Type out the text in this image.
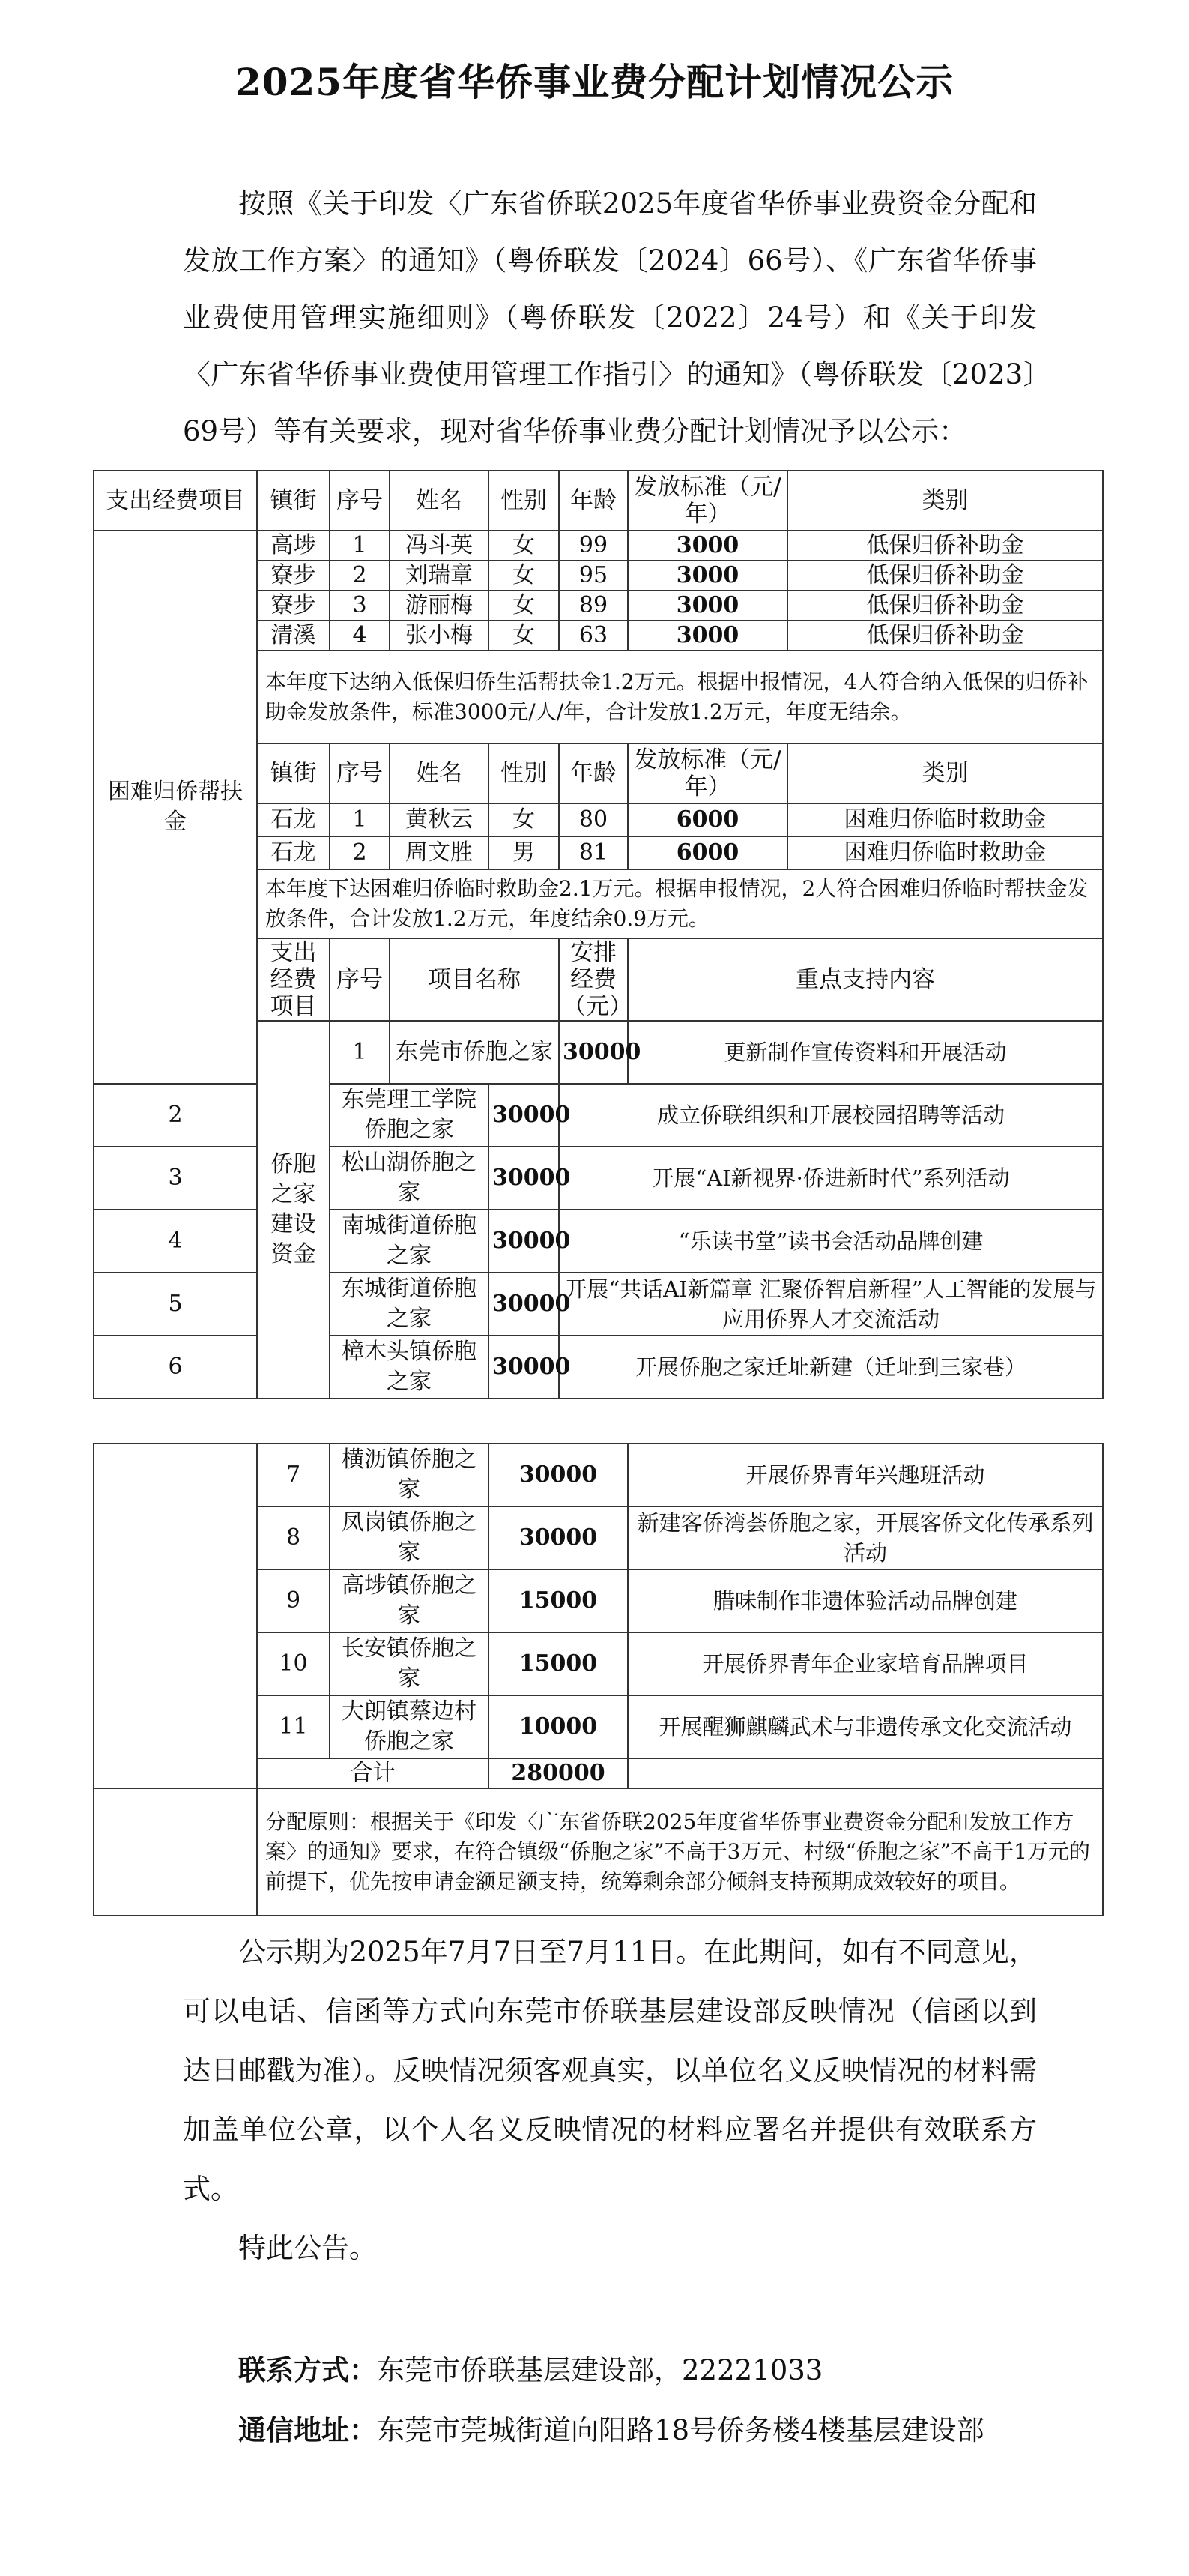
2025年度省华侨事业费分配计划情况公示
按照《关于印发〈广东省侨联2025年度省华侨事业费资金分配和发放工作方案〉的通知》（粤侨联发〔2024〕66号）、《广东省华侨事业费使用管理实施细则》（粤侨联发〔2022〕24号）和《关于印发〈广东省华侨事业费使用管理工作指引〉的通知》（粤侨联发〔2023〕69号）等有关要求，现对省华侨事业费分配计划情况予以公示：
支出经费项目	镇街	序号	姓名	性别	年龄	发放标准（元/年）	类别
困难归侨帮扶金	高埗	1	冯斗英	女	99	3000	低保归侨补助金
	寮步	2	刘瑞章	女	95	3000	低保归侨补助金
	寮步	3	游丽梅	女	89	3000	低保归侨补助金
	清溪	4	张小梅	女	63	3000	低保归侨补助金
	本年度下达纳入低保归侨生活帮扶金1.2万元。根据申报情况，4人符合纳入低保的归侨补助金发放条件，标准3000元/人/年，合计发放1.2万元，年度无结余。						
	镇街	序号	姓名	性别	年龄	发放标准（元/年）	类别
	石龙	1	黄秋云	女	80	6000	困难归侨临时救助金
	石龙	2	周文胜	男	81	6000	困难归侨临时救助金
	本年度下达困难归侨临时救助金2.1万元。根据申报情况，2人符合困难归侨临时帮扶金发放条件，合计发放1.2万元，年度结余0.9万元。						
	支出经费项目	序号	项目名称		安排经费（元）	重点支持内容	
	侨胞之家建设资金	1	东莞市侨胞之家		30000	更新制作宣传资料和开展活动	
2		东莞理工学院侨胞之家		30000	成立侨联组织和开展校园招聘等活动		
3		松山湖侨胞之家		30000	开展“AI新视界·侨进新时代”系列活动		
4		南城街道侨胞之家		30000	“乐读书堂”读书会活动品牌创建		
5		东城街道侨胞之家		30000	开展“共话AI新篇章 汇聚侨智启新程”人工智能的发展与应用侨界人才交流活动		
6		樟木头镇侨胞之家		30000	开展侨胞之家迁址新建（迁址到三家巷）		
	7	横沥镇侨胞之家	30000	开展侨界青年兴趣班活动
	8	凤岗镇侨胞之家	30000	新建客侨湾荟侨胞之家，开展客侨文化传承系列活动
	9	高埗镇侨胞之家	15000	腊味制作非遗体验活动品牌创建
	10	长安镇侨胞之家	15000	开展侨界青年企业家培育品牌项目
	11	大朗镇蔡边村侨胞之家	10000	开展醒狮麒麟武术与非遗传承文化交流活动
	合计		280000	
	分配原则：根据关于《印发〈广东省侨联2025年度省华侨事业费资金分配和发放工作方案〉的通知》要求，在符合镇级“侨胞之家”不高于3万元、村级“侨胞之家”不高于1万元的前提下，优先按申请金额足额支持，统筹剩余部分倾斜支持预期成效较好的项目。			
公示期为2025年7月7日至7月11日。在此期间，如有不同意见，可以电话、信函等方式向东莞市侨联基层建设部反映情况（信函以到达日邮戳为准）。反映情况须客观真实，以单位名义反映情况的材料需加盖单位公章，以个人名义反映情况的材料应署名并提供有效联系方式。
特此公告。
联系方式：东莞市侨联基层建设部，22221033
通信地址：东莞市莞城街道向阳路18号侨务楼4楼基层建设部
